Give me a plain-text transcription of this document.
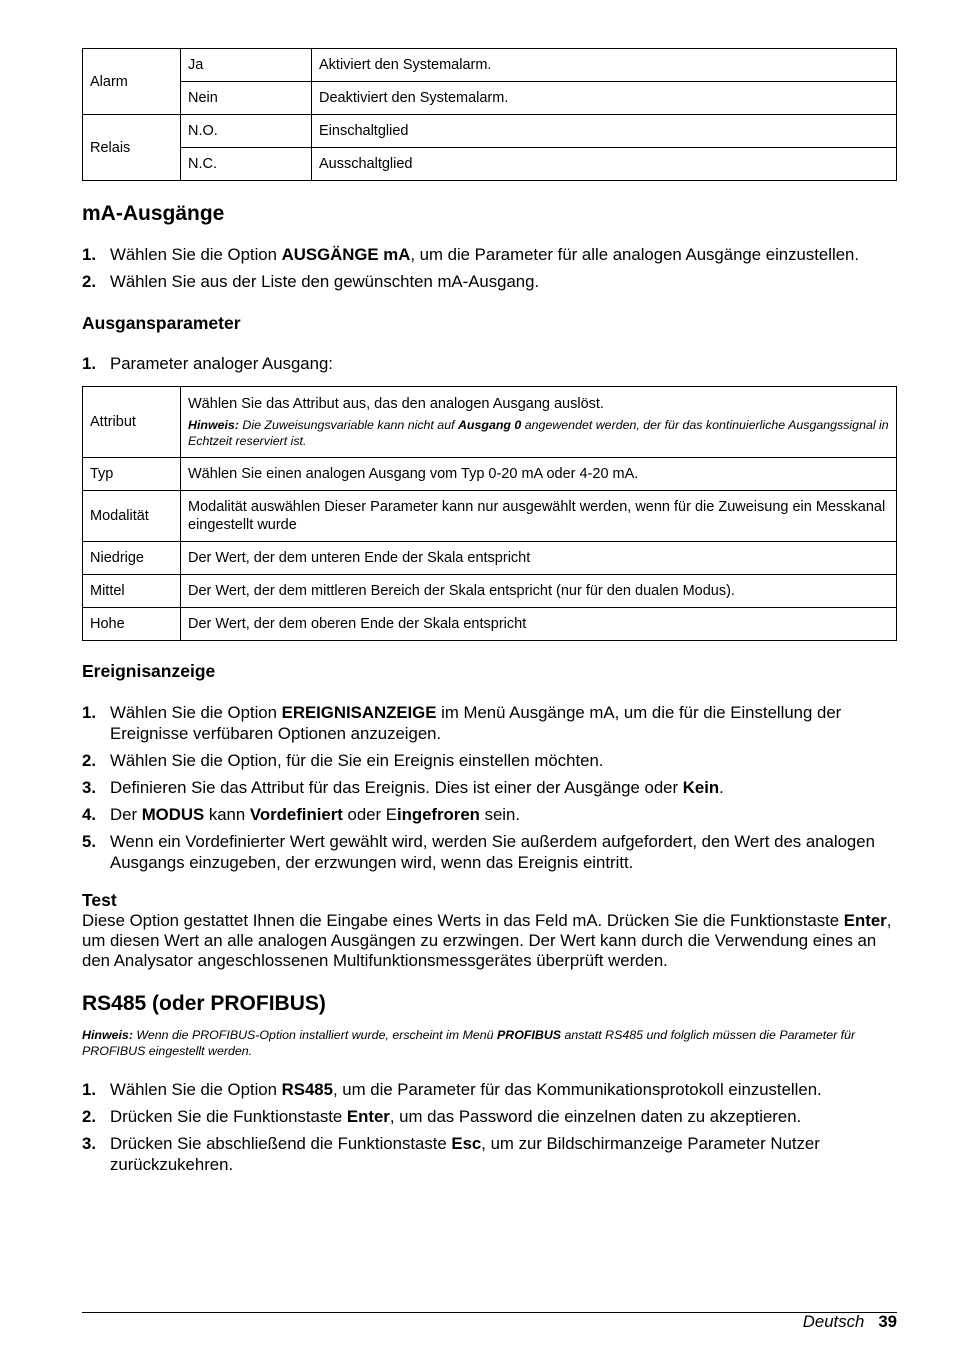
Alarm	Ja	Aktiviert den Systemalarm.
	Nein	Deaktiviert den Systemalarm.
Relais	N.O.	Einschaltglied
	N.C.	Ausschaltglied
mA-Ausgänge
1. Wählen Sie die Option AUSGÄNGE mA, um die Parameter für alle analogen Ausgänge einzustellen.
2. Wählen Sie aus der Liste den gewünschten mA-Ausgang.
Ausgansparameter
1. Parameter analoger Ausgang:
Attribut	Wählen Sie das Attribut aus, das den analogen Ausgang auslöst.
Hinweis: Die Zuweisungsvariable kann nicht auf Ausgang 0 angewendet werden, der für das kontinuierliche Ausgangssignal in Echtzeit reserviert ist.

Typ	Wählen Sie einen analogen Ausgang vom Typ 0-20 mA oder 4-20 mA.
Modalität	Modalität auswählen Dieser Parameter kann nur ausgewählt werden, wenn für die Zuweisung ein Messkanal eingestellt wurde
Niedrige	Der Wert, der dem unteren Ende der Skala entspricht
Mittel	Der Wert, der dem mittleren Bereich der Skala entspricht (nur für den dualen Modus).
Hohe	Der Wert, der dem oberen Ende der Skala entspricht
Ereignisanzeige
1. Wählen Sie die Option EREIGNISANZEIGE im Menü Ausgänge mA, um die für die Einstellung der Ereignisse verfübaren Optionen anzuzeigen.
2. Wählen Sie die Option, für die Sie ein Ereignis einstellen möchten.
3. Definieren Sie das Attribut für das Ereignis. Dies ist einer der Ausgänge oder Kein.
4. Der MODUS kann Vordefiniert oder Eingefroren sein.
5. Wenn ein Vordefinierter Wert gewählt wird, werden Sie außerdem aufgefordert, den Wert des analogen Ausgangs einzugeben, der erzwungen wird, wenn das Ereignis eintritt.
Test

Diese Option gestattet Ihnen die Eingabe eines Werts in das Feld mA. Drücken Sie die Funktionstaste Enter, um diesen Wert an alle analogen Ausgängen zu erzwingen. Der Wert kann durch die Verwendung eines an den Analysator angeschlossenen Multifunktionsmessgerätes überprüft werden.

RS485 (oder PROFIBUS)
Hinweis: Wenn die PROFIBUS-Option installiert wurde, erscheint im Menü PROFIBUS anstatt RS485 und folglich müssen die Parameter für PROFIBUS eingestellt werden.
1. Wählen Sie die Option RS485, um die Parameter für das Kommunikationsprotokoll einzustellen.
2. Drücken Sie die Funktionstaste Enter, um das Password die einzelnen daten zu akzeptieren.
3. Drücken Sie abschließend die Funktionstaste Esc, um zur Bildschirmanzeige Parameter Nutzer zurückzukehren.
Deutsch 39
